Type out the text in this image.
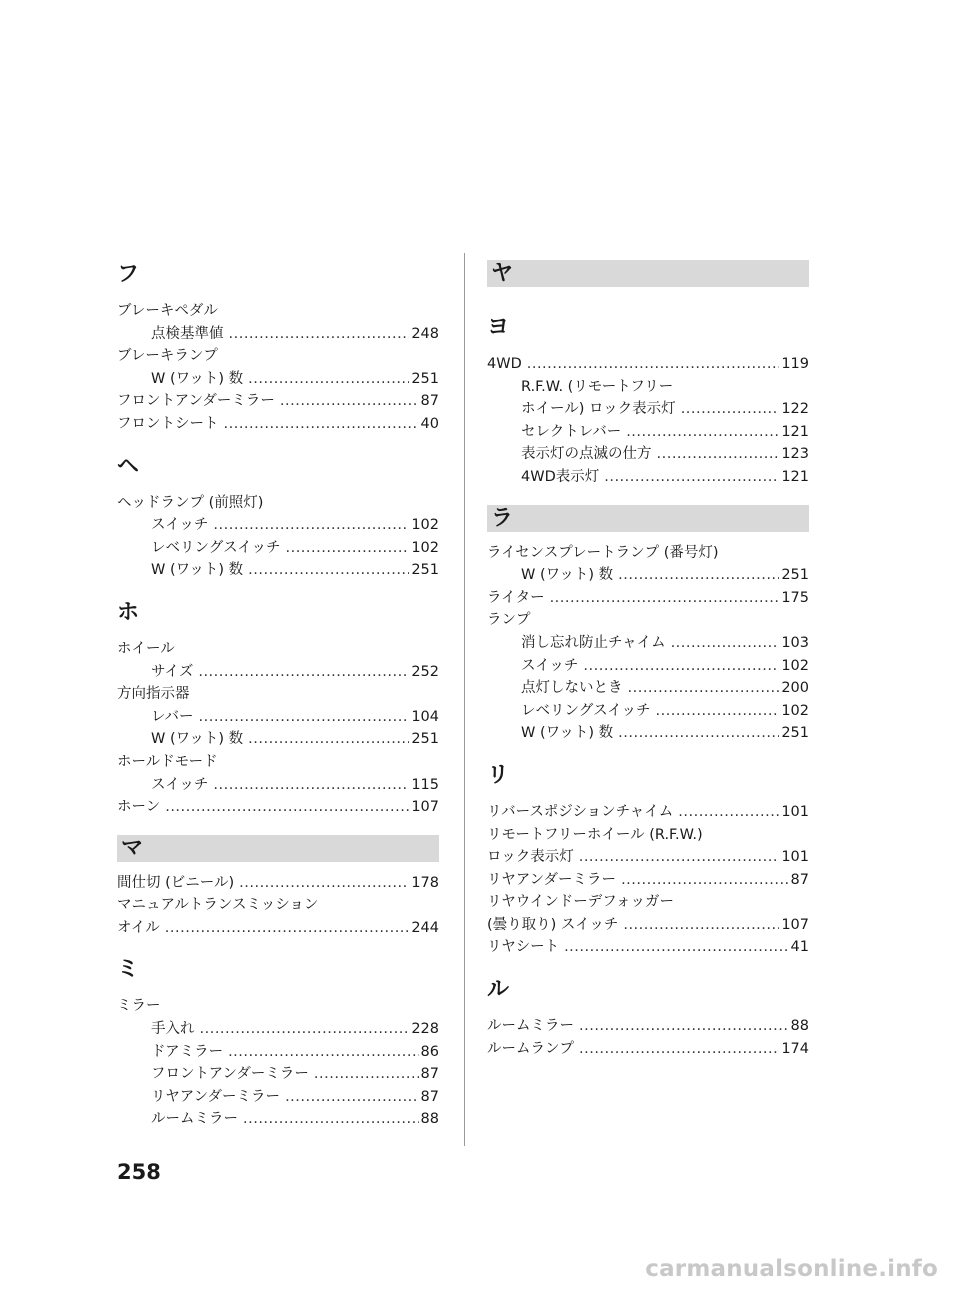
フ
ブレーキペダル
点検基準値 .....	248
ブレーキランプ
W (ワット) 数 .....	251
フロントアンダーミラー .....	87
フロントシート .....	40
ヘ
ヘッドランプ (前照灯)
スイッチ .....	102
レベリングスイッチ .....	102
W (ワット) 数 .....	251
ホ
ホイール
サイズ .....	252
方向指示器
レバー .....	104
W (ワット) 数 .....	251
ホールドモード
スイッチ .....	115
ホーン .....	107
マ
間仕切 (ビニール) .....	178
マニュアルトランスミッション
オイル .....	244
ミ
ミラー
手入れ .....	228
ドアミラー .....	86
フロントアンダーミラー .....	87
リヤアンダーミラー .....	87
ルームミラー .....	88
ヤ
ヨ
4WD .....	119
R.F.W. (リモートフリー
ホイール) ロック表示灯 .....	122
セレクトレバー .....	121
表示灯の点滅の仕方 .....	123
4WD表示灯 .....	121
ラ
ライセンスプレートランプ (番号灯)
W (ワット) 数 .....	251
ライター .....	175
ランプ
消し忘れ防止チャイム .....	103
スイッチ .....	102
点灯しないとき .....	200
レベリングスイッチ .....	102
W (ワット) 数 .....	251
リ
リバースポジションチャイム .....	101
リモートフリーホイール (R.F.W.)
ロック表示灯 .....	101
リヤアンダーミラー .....	87
リヤウインドーデフォッガー
(曇り取り) スイッチ .....	107
リヤシート .....	41
ル
ルームミラー .....	88
ルームランプ .....	174
258
carmanualsonline.info
